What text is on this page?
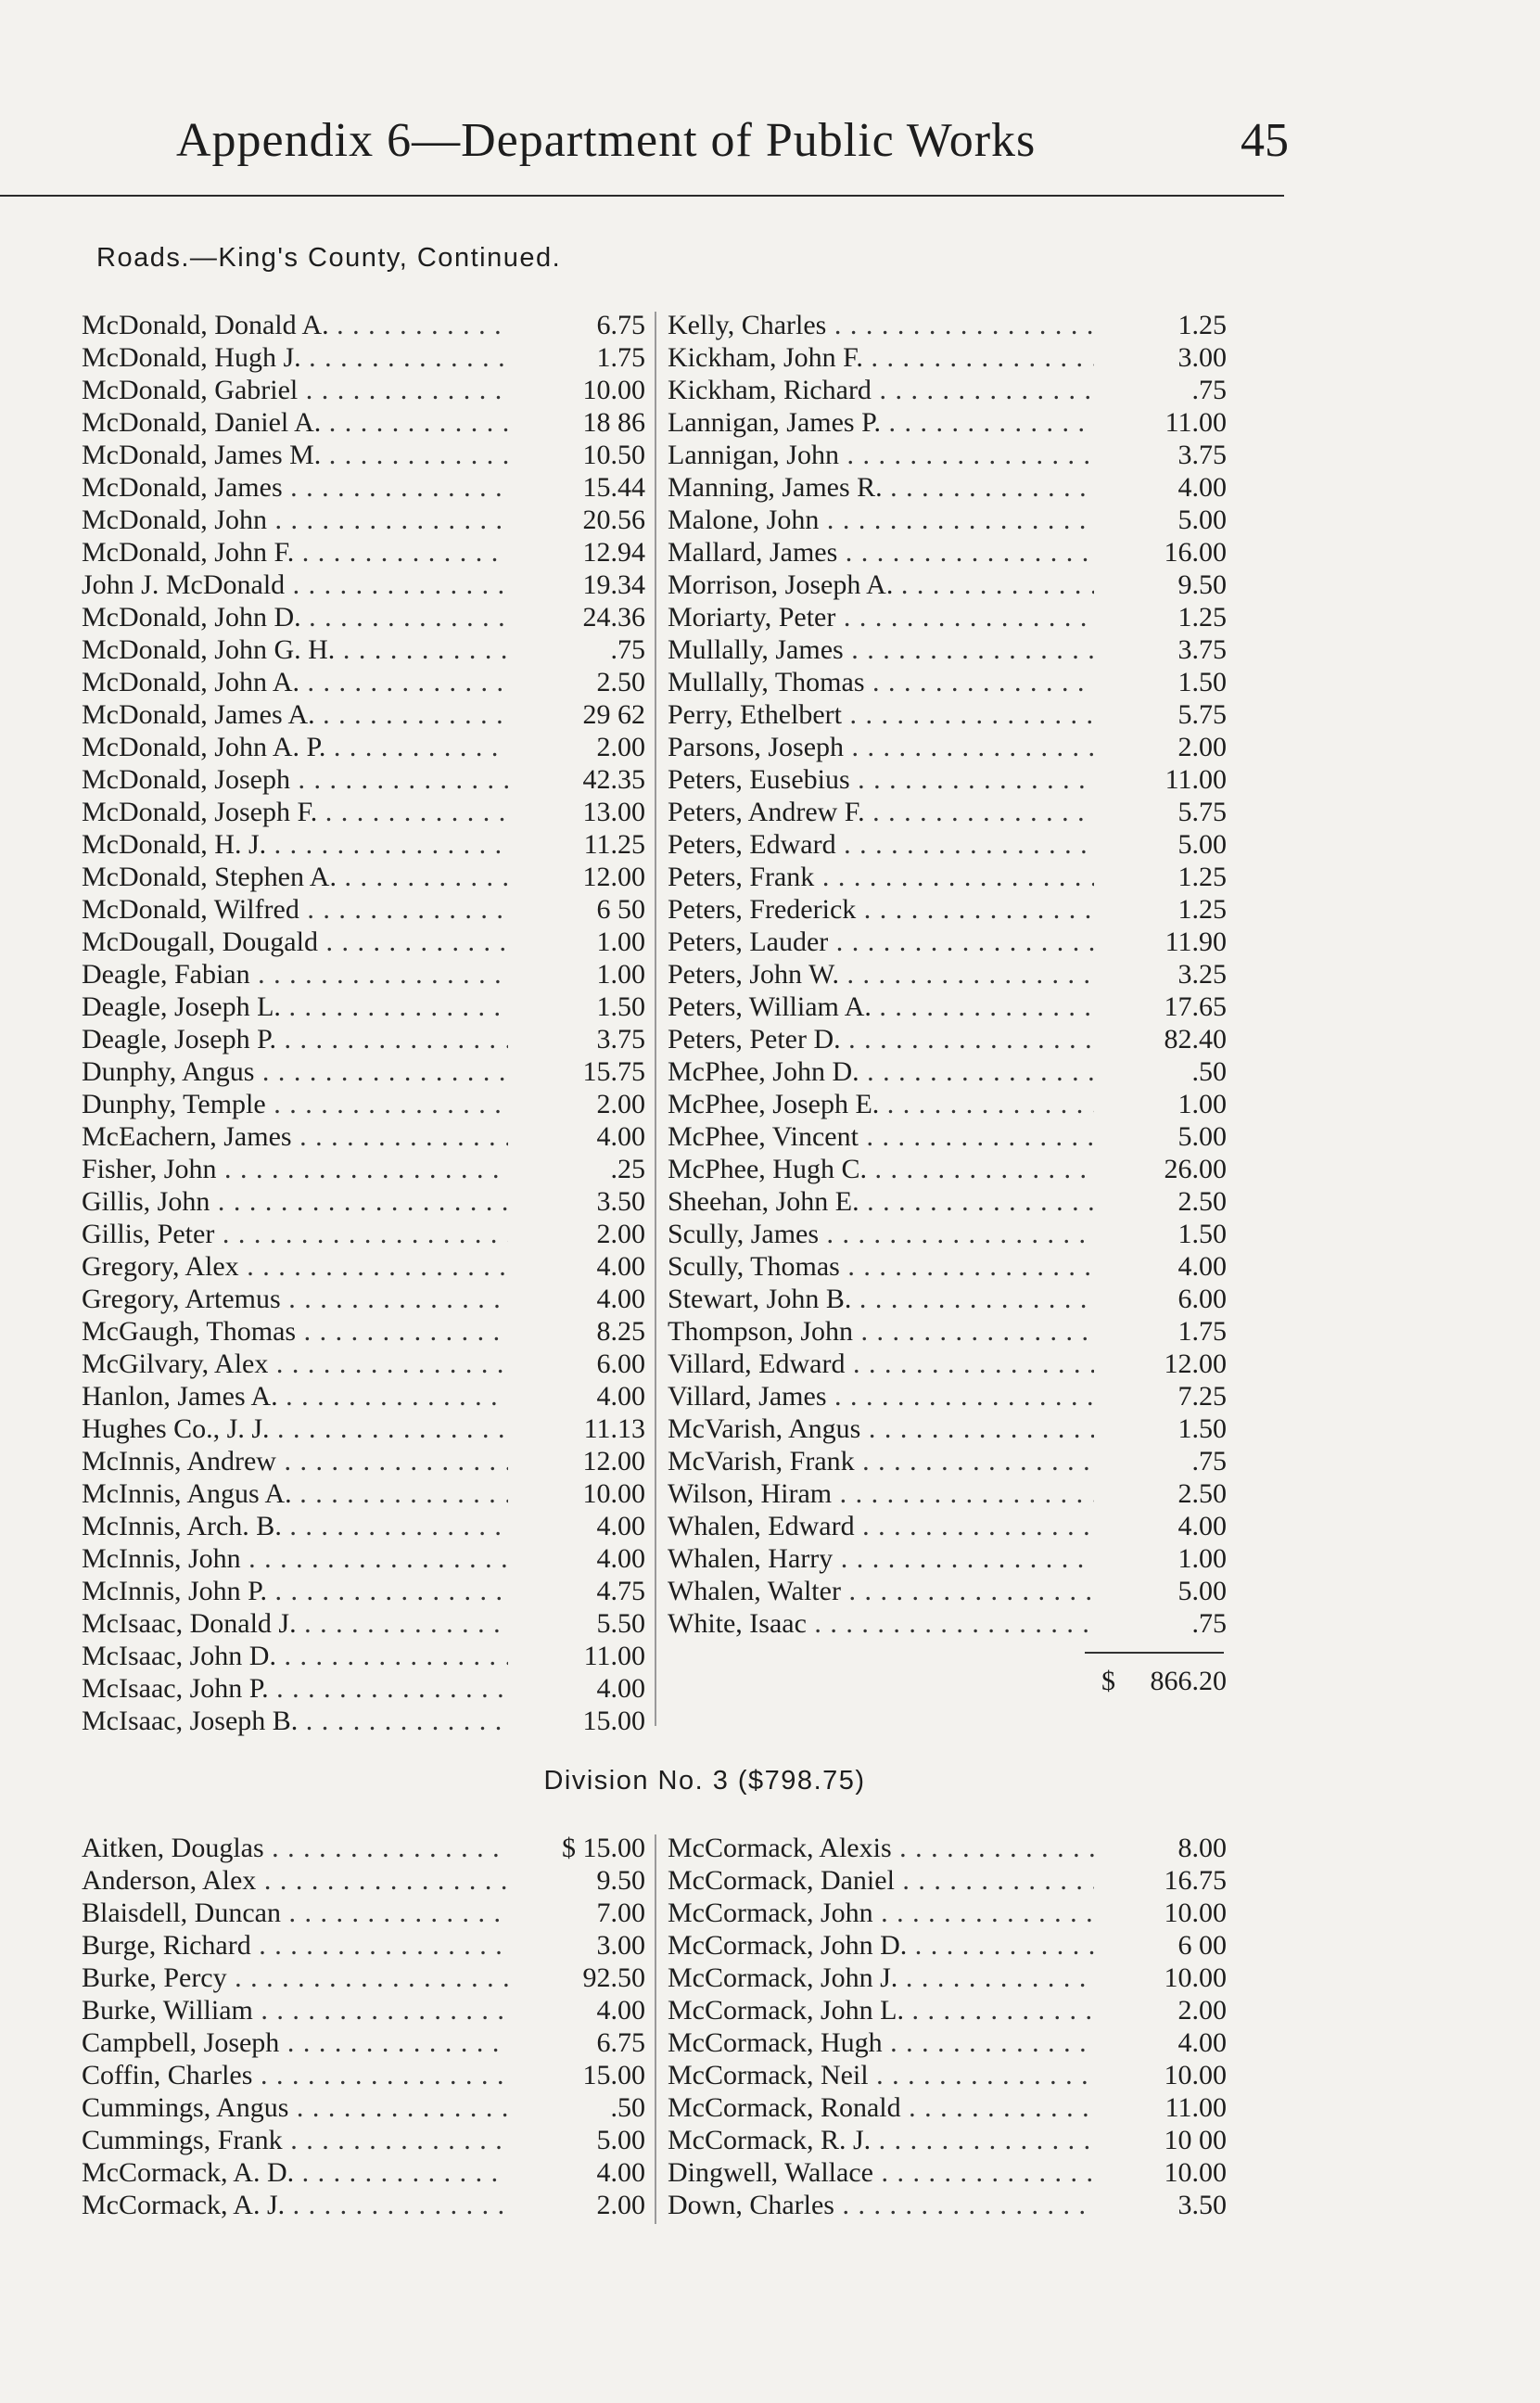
Appendix 6—Department of Public Works	45
Roads.—King's County, Continued.
McDonald, Donald A. . . .	6.75
McDonald, Hugh J. . . .	1.75
McDonald, Gabriel . . .	10.00
McDonald, Daniel A. . . .	18 86
McDonald, James M. . . .	10.50
McDonald, James . . .	15.44
McDonald, John . . .	20.56
McDonald, John F. . . .	12.94
John J. McDonald . . .	19.34
McDonald, John D. . . .	24.36
McDonald, John G. H. . . .	.75
McDonald, John A. . . .	2.50
McDonald, James A. . . .	29 62
McDonald, John A. P. . . .	2.00
McDonald, Joseph . . .	42.35
McDonald, Joseph F. . . .	13.00
McDonald, H. J. . . .	11.25
McDonald, Stephen A. . . .	12.00
McDonald, Wilfred . . .	6 50
McDougall, Dougald . . .	1.00
Deagle, Fabian . . .	1.00
Deagle, Joseph L. . . .	1.50
Deagle, Joseph P. . . .	3.75
Dunphy, Angus . . .	15.75
Dunphy, Temple . . .	2.00
McEachern, James . . .	4.00
Fisher, John . . .	.25
Gillis, John . . .	3.50
Gillis, Peter . . .	2.00
Gregory, Alex . . .	4.00
Gregory, Artemus . . .	4.00
McGaugh, Thomas . . .	8.25
McGilvary, Alex . . .	6.00
Hanlon, James A. . . .	4.00
Hughes Co., J. J. . . .	11.13
McInnis, Andrew . . .	12.00
McInnis, Angus A. . . .	10.00
McInnis, Arch. B. . . .	4.00
McInnis, John . . .	4.00
McInnis, John P. . . .	4.75
McIsaac, Donald J. . . .	5.50
McIsaac, John D. . . .	11.00
McIsaac, John P. . . .	4.00
McIsaac, Joseph B. . . .	15.00
Kelly, Charles . . .	1.25
Kickham, John F. . . .	3.00
Kickham, Richard . . .	.75
Lannigan, James P. . . .	11.00
Lannigan, John . . .	3.75
Manning, James R. . . .	4.00
Malone, John . . .	5.00
Mallard, James . . .	16.00
Morrison, Joseph A. . . .	9.50
Moriarty, Peter . . .	1.25
Mullally, James . . .	3.75
Mullally, Thomas . . .	1.50
Perry, Ethelbert . . .	5.75
Parsons, Joseph . . .	2.00
Peters, Eusebius . . .	11.00
Peters, Andrew F. . . .	5.75
Peters, Edward . . .	5.00
Peters, Frank . . .	1.25
Peters, Frederick . . .	1.25
Peters, Lauder . . .	11.90
Peters, John W. . . .	3.25
Peters, William A. . . .	17.65
Peters, Peter D. . . .	82.40
McPhee, John D. . . .	.50
McPhee, Joseph E. . . .	1.00
McPhee, Vincent . . .	5.00
McPhee, Hugh C. . . .	26.00
Sheehan, John E. . . .	2.50
Scully, James . . .	1.50
Scully, Thomas . . .	4.00
Stewart, John B. . . .	6.00
Thompson, John . . .	1.75
Villard, Edward . . .	12.00
Villard, James . . .	7.25
McVarish, Angus . . .	1.50
McVarish, Frank . . .	.75
Wilson, Hiram . . .	2.50
Whalen, Edward . . .	4.00
Whalen, Harry . . .	1.00
Whalen, Walter . . .	5.00
White, Isaac . . .	.75
$ 866.20
Division No. 3 ($798.75)
Aitken, Douglas . . .	$ 15.00
Anderson, Alex . . .	9.50
Blaisdell, Duncan . . .	7.00
Burge, Richard . . .	3.00
Burke, Percy . . .	92.50
Burke, William . . .	4.00
Campbell, Joseph . . .	6.75
Coffin, Charles . . .	15.00
Cummings, Angus . . .	.50
Cummings, Frank . . .	5.00
McCormack, A. D. . . .	4.00
McCormack, A. J. . . .	2.00
McCormack, Alexis . . .	8.00
McCormack, Daniel . . .	16.75
McCormack, John . . .	10.00
McCormack, John D. . . .	6 00
McCormack, John J. . . .	10.00
McCormack, John L. . . .	2.00
McCormack, Hugh . . .	4.00
McCormack, Neil . . .	10.00
McCormack, Ronald . . .	11.00
McCormack, R. J. . . .	10 00
Dingwell, Wallace . . .	10.00
Down, Charles . . .	3.50
